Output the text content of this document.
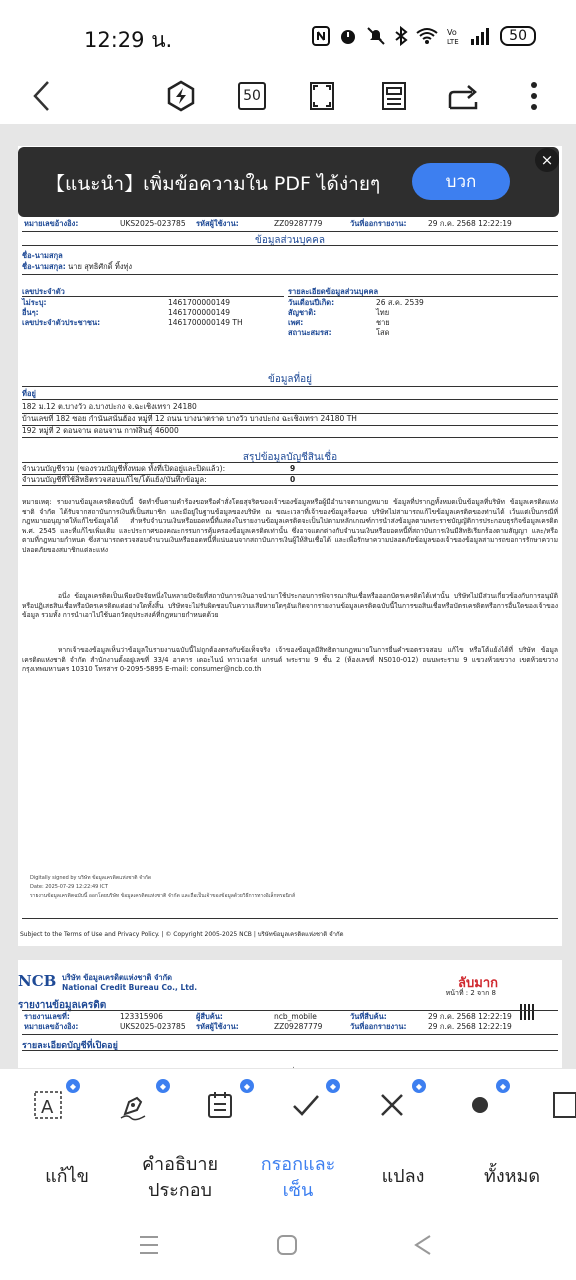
12:29 น.	Vo
LTE	50
50
หมายเลขอ้างอิง:	UKS2025-023785 รหัสผู้ใช้งาน:	ZZ09287779	วันที่ออกรายงาน:	29 ก.ค. 2568 12:22:19
ข้อมูลส่วนบุคคล
ชื่อ-นามสกุล
ชื่อ-นามสกุล: นาย สุทธิศักดิ์ ทิ้งทุ่ง
เลขประจำตัว
ไม่ระบุ:	1461700000149
อื่นๆ:	1461700000149
เลขประจำตัวประชาชน:	1461700000149 TH
รายละเอียดข้อมูลส่วนบุคคล
วันเดือนปีเกิด:	26 ส.ค. 2539
สัญชาติ:	ไทย
เพศ:	ชาย
สถานะสมรส:	โสด
ข้อมูลที่อยู่
ที่อยู่
182 ม.12 ต.บางวัว อ.บางปะกง จ.ฉะเชิงเทรา 24180
บ้านเลขที่ 182 ซอย กำนันสนั่นฮ้อง หมู่ที่ 12 ถนน บางนาตราด บางวัว บางปะกง ฉะเชิงเทรา 24180 TH
192 หมู่ที่ 2 ดอนจาน ดอนจาน กาฬสินธุ์ 46000
สรุปข้อมูลบัญชีสินเชื่อ
จำนวนบัญชีรวม (ของรวมบัญชีทั้งหมด ทั้งที่เปิดอยู่และปิดแล้ว):	9
จำนวนบัญชีที่ใช้สิทธิตรวจสอบแก้ไข/โต้แย้ง/บันทึกข้อมูล:	0
หมายเหตุ: รายงานข้อมูลเครดิตฉบับนี้ จัดทำขึ้นตามคำร้องขอหรือคำสั่งโดยสุจริตของเจ้าของข้อมูลหรือผู้มีอำนาจตามกฎหมาย ข้อมูลที่ปรากฏทั้งหมดเป็นข้อมูลที่บริษัท ข้อมูลเครดิตแห่งชาติ จำกัด ได้รับจากสถาบันการเงินที่เป็นสมาชิก และมีอยู่ในฐานข้อมูลของบริษัท ณ ขณะเวลาที่เจ้าของข้อมูลร้องขอ บริษัทไม่สามารถแก้ไขข้อมูลเครดิตของท่านได้ เว้นแต่เป็นกรณีที่กฎหมายอนุญาตให้แก้ไขข้อมูลได้ สำหรับจำนวนเงินหรือยอดหนี้ที่แสดงในรายงานข้อมูลเครดิตจะเป็นไปตามหลักเกณฑ์การนำส่งข้อมูลตามพระราชบัญญัติการประกอบธุรกิจข้อมูลเครดิต พ.ศ. 2545 และที่แก้ไขเพิ่มเติม และประกาศของคณะกรรมการคุ้มครองข้อมูลเครดิตเท่านั้น ซึ่งอาจแตกต่างกับจำนวนเงินหรือยอดหนี้ที่สถาบันการเงินมีสิทธิเรียกร้องตามสัญญา และ/หรือตามที่กฎหมายกำหนด ซึ่งสามารถตรวจสอบจำนวนเงินหรือยอดหนี้ที่แน่นอนจากสถาบันการเงินผู้ให้สินเชื่อได้ และเพื่อรักษาความปลอดภัยข้อมูลของเจ้าของข้อมูลสามารถขอการรักษาความปลอดภัยของสมาชิกแต่ละแห่ง
อนึ่ง ข้อมูลเครดิตเป็นเพียงปัจจัยหนึ่งในหลายปัจจัยที่สถาบันการเงินอาจนำมาใช้ประกอบการพิจารณาสินเชื่อหรือออกบัตรเครดิตได้เท่านั้น บริษัทไม่มีส่วนเกี่ยวข้องกับการอนุมัติหรือปฏิเสธสินเชื่อหรือบัตรเครดิตแต่อย่างใดทั้งสิ้น บริษัทจะไม่รับผิดชอบในความเสียหายใดๆอันเกิดจากรายงานข้อมูลเครดิตฉบับนี้ในการขอสินเชื่อหรือบัตรเครดิตหรือการอื่นใดของเจ้าของข้อมูล รวมทั้ง การนำเอาไปใช้นอกวัตถุประสงค์ที่กฎหมายกำหนดด้วย
หากเจ้าของข้อมูลเห็นว่าข้อมูลในรายงานฉบับนี้ไม่ถูกต้องตรงกับข้อเท็จจริง เจ้าของข้อมูลมีสิทธิตามกฎหมายในการยื่นคำขอตรวจสอบ แก้ไข หรือโต้แย้งได้ที่ บริษัท ข้อมูลเครดิตแห่งชาติ จำกัด สำนักงานตั้งอยู่เลขที่ 33/4 อาคาร เดอะไนน์ ทาวเวอร์ส แกรนด์ พระราม 9 ชั้น 2 (ห้องเลขที่ NS010-012) ถนนพระราม 9 แขวงห้วยขวาง เขตห้วยขวาง กรุงเทพมหานคร 10310 โทรสาร 0-2095-5895 E-mail: consumer@ncb.co.th
Digitally signed by บริษัท ข้อมูลเครดิตแห่งชาติ จำกัด
Date: 2025-07-29 12:22:49 ICT
รายงานข้อมูลเครดิตฉบับนี้ ออกโดยบริษัท ข้อมูลเครดิตแห่งชาติ จำกัด และถือเป็นเจ้าของข้อมูลด้วยวิธีการทางอิเล็กทรอนิกส์
Subject to the Terms of Use and Privacy Policy. | © Copyright 2005-2025 NCB | บริษัทข้อมูลเครดิตแห่งชาติ จำกัด
NCB บริษัท ข้อมูลเครดิตแห่งชาติ จำกัด
National Credit Bureau Co., Ltd.	ลับมาก
หน้าที่ : 2 จาก 8
รายงานข้อมูลเครดิต
รายงานเลขที่:	123315906	ผู้สืบค้น:	ncb_mobile	วันที่สืบค้น:	29 ก.ค. 2568 12:22:19
หมายเลขอ้างอิง:	UKS2025-023785 รหัสผู้ใช้งาน:	ZZ09287779	วันที่ออกรายงาน:	29 ก.ค. 2568 12:22:19
รายละเอียดบัญชีที่เปิดอยู่
【แนะนำ】เพิ่มข้อความใน PDF ได้ง่ายๆ	บวก
×
A
◆	◆	◆	◆	◆	◆
แก้ไข
คำอธิบาย ประกอบ
กรอกและ เซ็น
แปลง	ทั้งหมด
